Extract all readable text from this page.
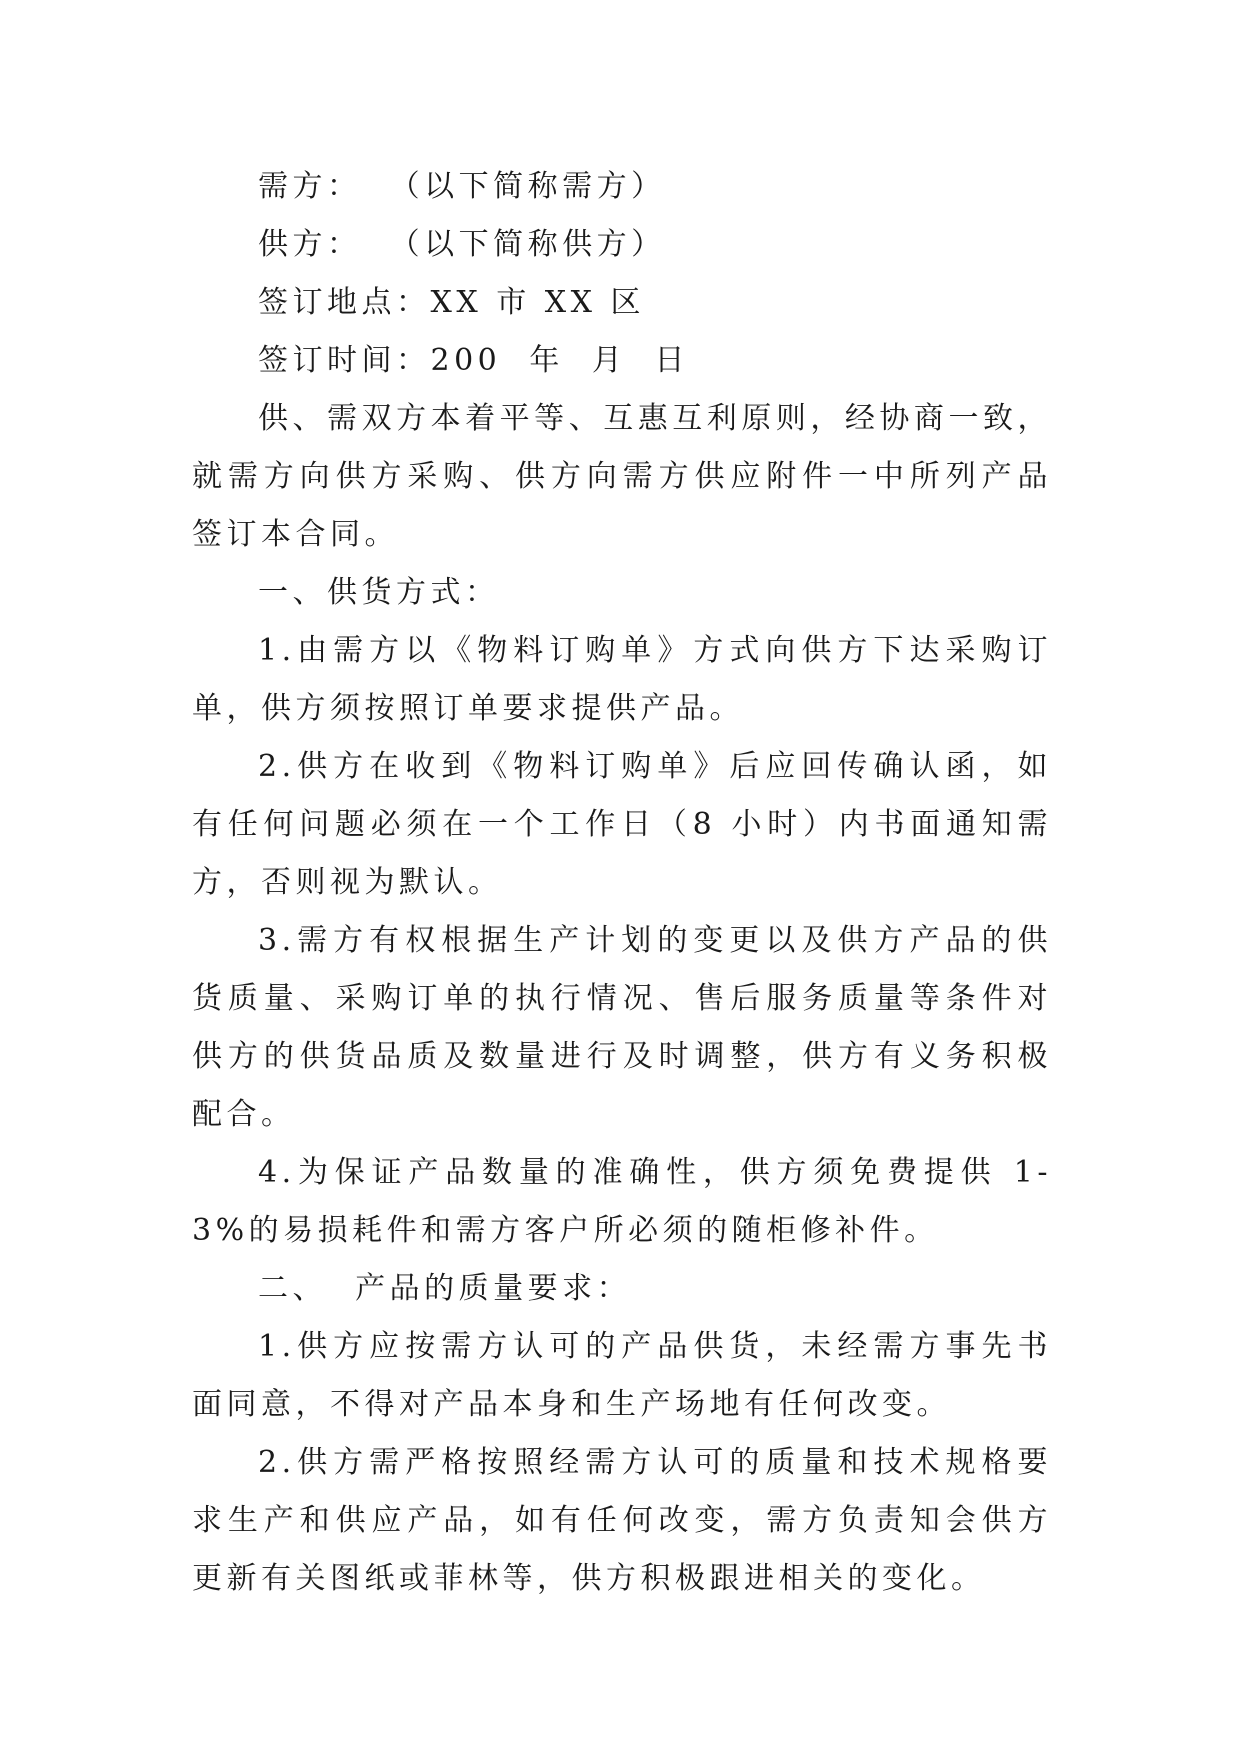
需方：  （以下简称需方）

供方：  （以下简称供方）

签订地点：XX 市 XX 区

签订时间：200  年  月  日

供、需双方本着平等、互惠互利原则，经协商一致，就需方向供方采购、供方向需方供应附件一中所列产品签订本合同。

一、供货方式：

1.由需方以《物料订购单》方式向供方下达采购订单，供方须按照订单要求提供产品。

2.供方在收到《物料订购单》后应回传确认函，如有任何问题必须在一个工作日（8 小时）内书面通知需方，否则视为默认。

3.需方有权根据生产计划的变更以及供方产品的供货质量、采购订单的执行情况、售后服务质量等条件对供方的供货品质及数量进行及时调整，供方有义务积极配合。

4.为保证产品数量的准确性，供方须免费提供 1-3%的易损耗件和需方客户所必须的随柜修补件。

二、  产品的质量要求：

1.供方应按需方认可的产品供货，未经需方事先书面同意，不得对产品本身和生产场地有任何改变。

2.供方需严格按照经需方认可的质量和技术规格要求生产和供应产品，如有任何改变，需方负责知会供方更新有关图纸或菲林等，供方积极跟进相关的变化。
